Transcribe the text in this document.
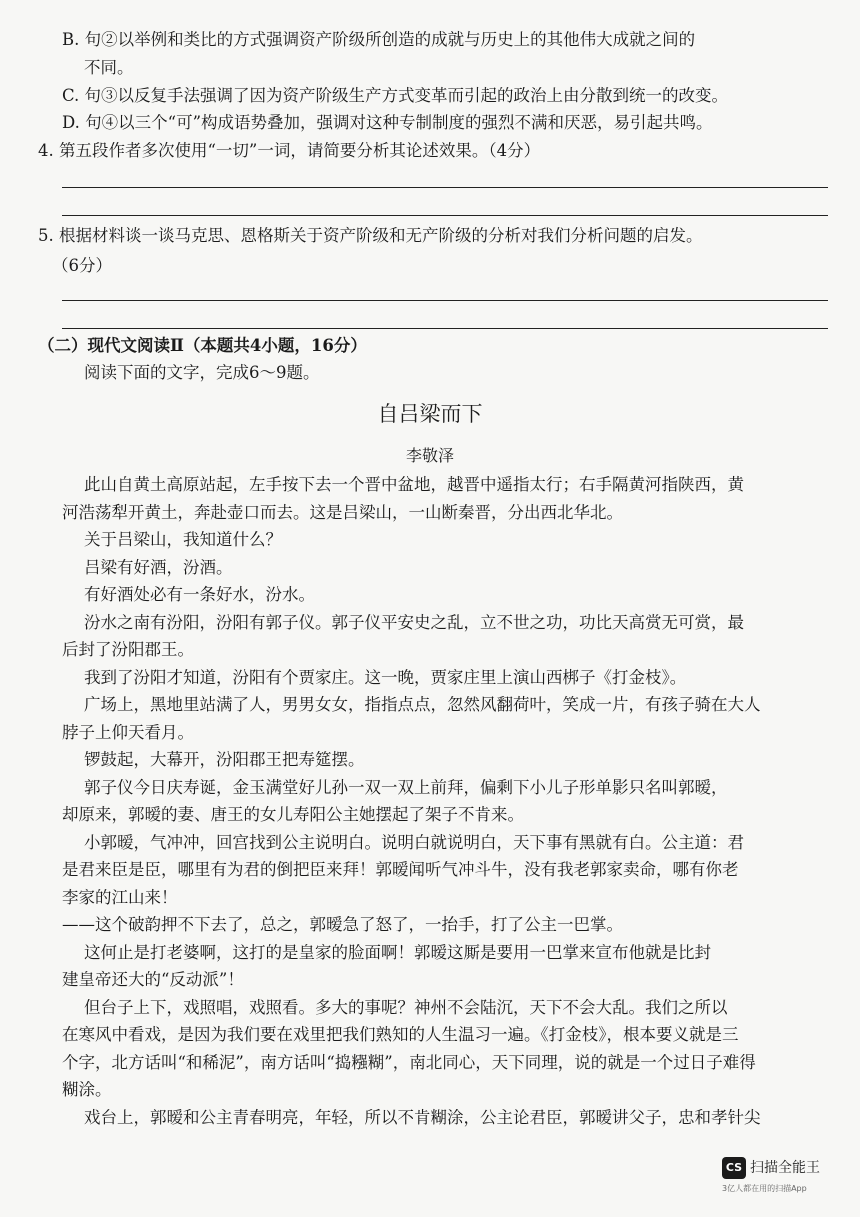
B. 句②以举例和类比的方式强调资产阶级所创造的成就与历史上的其他伟大成就之间的
不同。
C. 句③以反复手法强调了因为资产阶级生产方式变革而引起的政治上由分散到统一的改变。
D. 句④以三个“可”构成语势叠加，强调对这种专制制度的强烈不满和厌恶，易引起共鸣。
4. 第五段作者多次使用“一切”一词，请简要分析其论述效果。（4分）
5. 根据材料谈一谈马克思、恩格斯关于资产阶级和无产阶级的分析对我们分析问题的启发。
（6分）
（二）现代文阅读Ⅱ（本题共4小题，16分）
阅读下面的文字，完成6～9题。
自吕梁而下
李敬泽
此山自黄土高原站起，左手按下去一个晋中盆地，越晋中遥指太行；右手隔黄河指陕西，黄
河浩荡犁开黄土，奔赴壶口而去。这是吕梁山，一山断秦晋，分出西北华北。
关于吕梁山，我知道什么？
吕梁有好酒，汾酒。
有好酒处必有一条好水，汾水。
汾水之南有汾阳，汾阳有郭子仪。郭子仪平安史之乱，立不世之功，功比天高赏无可赏，最
后封了汾阳郡王。
我到了汾阳才知道，汾阳有个贾家庄。这一晚，贾家庄里上演山西梆子《打金枝》。
广场上，黑地里站满了人，男男女女，指指点点，忽然风翻荷叶，笑成一片，有孩子骑在大人
脖子上仰天看月。
锣鼓起，大幕开，汾阳郡王把寿筵摆。
郭子仪今日庆寿诞，金玉满堂好儿孙一双一双上前拜，偏剩下小儿子形单影只名叫郭暧，
却原来，郭暧的妻、唐王的女儿寿阳公主她摆起了架子不肯来。
小郭暧，气冲冲，回宫找到公主说明白。说明白就说明白，天下事有黑就有白。公主道：君
是君来臣是臣，哪里有为君的倒把臣来拜！郭暧闻听气冲斗牛，没有我老郭家卖命，哪有你老
李家的江山来！
——这个破韵押不下去了，总之，郭暧急了怒了，一抬手，打了公主一巴掌。
这何止是打老婆啊，这打的是皇家的脸面啊！郭暧这厮是要用一巴掌来宣布他就是比封
建皇帝还大的“反动派”！
但台子上下，戏照唱，戏照看。多大的事呢？神州不会陆沉，天下不会大乱。我们之所以
在寒风中看戏，是因为我们要在戏里把我们熟知的人生温习一遍。《打金枝》，根本要义就是三
个字，北方话叫“和稀泥”，南方话叫“捣糨糊”，南北同心，天下同理，说的就是一个过日子难得
糊涂。
戏台上，郭暧和公主青春明亮，年轻，所以不肯糊涂，公主论君臣，郭暧讲父子，忠和孝针尖
CS 扫描全能王
3亿人都在用的扫描App
